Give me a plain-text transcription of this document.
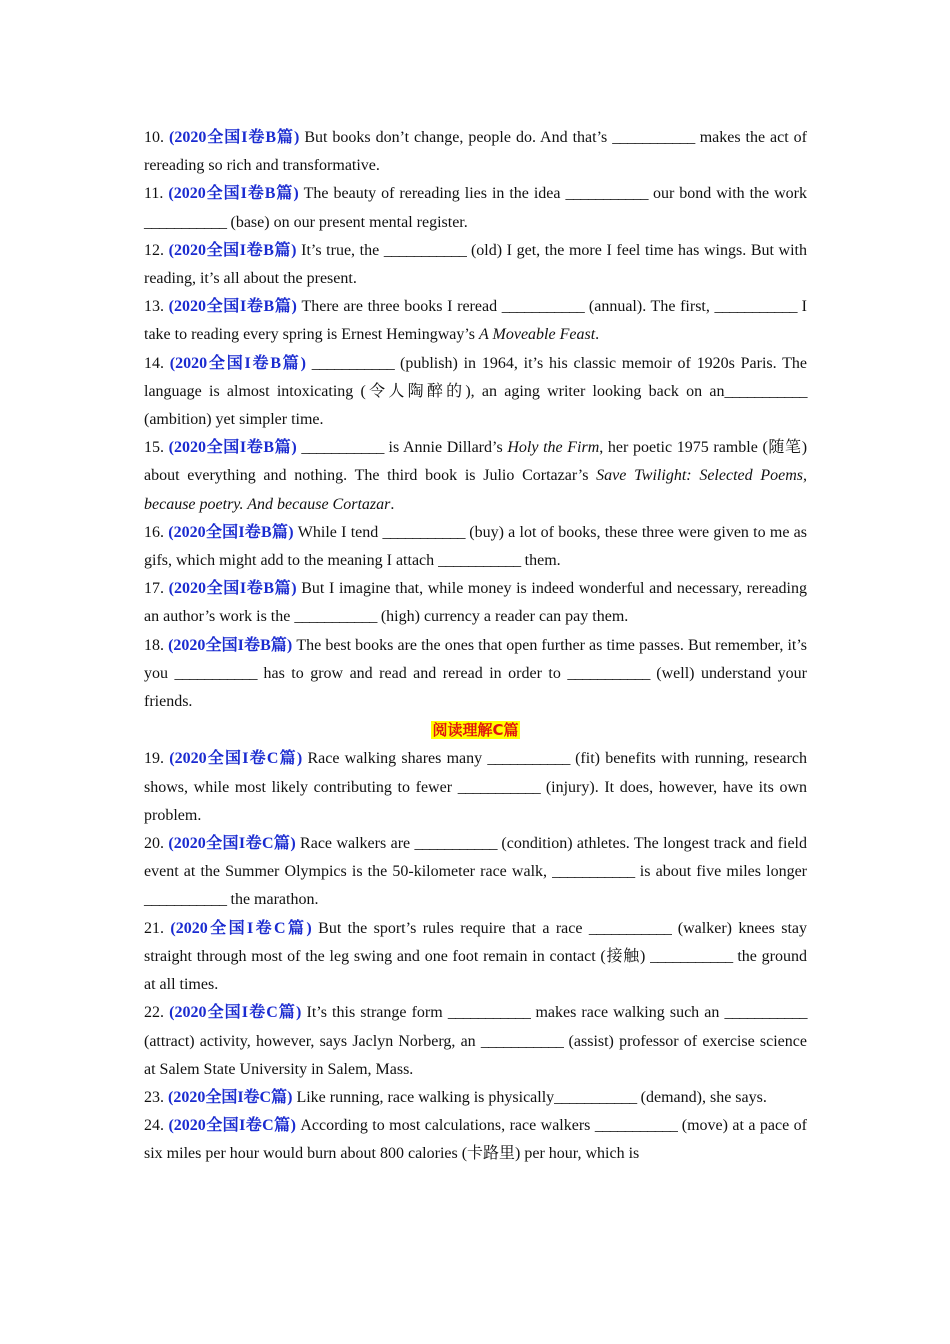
10. (2020全国I卷B篇) But books don’t change, people do. And that’s ___________ makes the act of rereading so rich and transformative.

11. (2020全国I卷B篇) The beauty of rereading lies in the idea ___________ our bond with the work ___________ (base) on our present mental register.

12. (2020全国I卷B篇) It’s true, the ___________ (old) I get, the more I feel time has wings. But with reading, it’s all about the present.

13. (2020全国I卷B篇) There are three books I reread ___________ (annual). The first, ___________ I take to reading every spring is Ernest Hemingway’s A Moveable Feast.

14. (2020全国I卷B篇) ___________ (publish) in 1964, it’s his classic memoir of 1920s Paris. The language is almost intoxicating (令人陶醉的), an aging writer looking back on an___________ (ambition) yet simpler time.

15. (2020全国I卷B篇) ___________ is Annie Dillard’s Holy the Firm, her poetic 1975 ramble (随笔) about everything and nothing. The third book is Julio Cortazar’s Save Twilight: Selected Poems, because poetry. And because Cortazar.

16. (2020全国I卷B篇) While I tend ___________ (buy) a lot of books, these three were given to me as gifs, which might add to the meaning I attach ___________ them.

17. (2020全国I卷B篇) But I imagine that, while money is indeed wonderful and necessary, rereading an author’s work is the ___________ (high) currency a reader can pay them.

18. (2020全国I卷B篇) The best books are the ones that open further as time passes. But remember, it’s you ___________ has to grow and read and reread in order to ___________ (well) understand your friends.

阅读理解C篇

19. (2020全国I卷C篇) Race walking shares many ___________ (fit) benefits with running, research shows, while most likely contributing to fewer ___________ (injury). It does, however, have its own problem.

20. (2020全国I卷C篇) Race walkers are ___________ (condition) athletes. The longest track and field event at the Summer Olympics is the 50-kilometer race walk, ___________ is about five miles longer ___________ the marathon.

21. (2020全国I卷C篇) But the sport’s rules require that a race ___________ (walker) knees stay straight through most of the leg swing and one foot remain in contact (接触) ___________ the ground at all times.

22. (2020全国I卷C篇) It’s this strange form ___________ makes race walking such an ___________ (attract) activity, however, says Jaclyn Norberg, an ___________ (assist) professor of exercise science at Salem State University in Salem, Mass.

23. (2020全国I卷C篇) Like running, race walking is physically___________ (demand), she says.

24. (2020全国I卷C篇) According to most calculations, race walkers ___________ (move) at a pace of six miles per hour would burn about 800 calories (卡路里) per hour, which is
